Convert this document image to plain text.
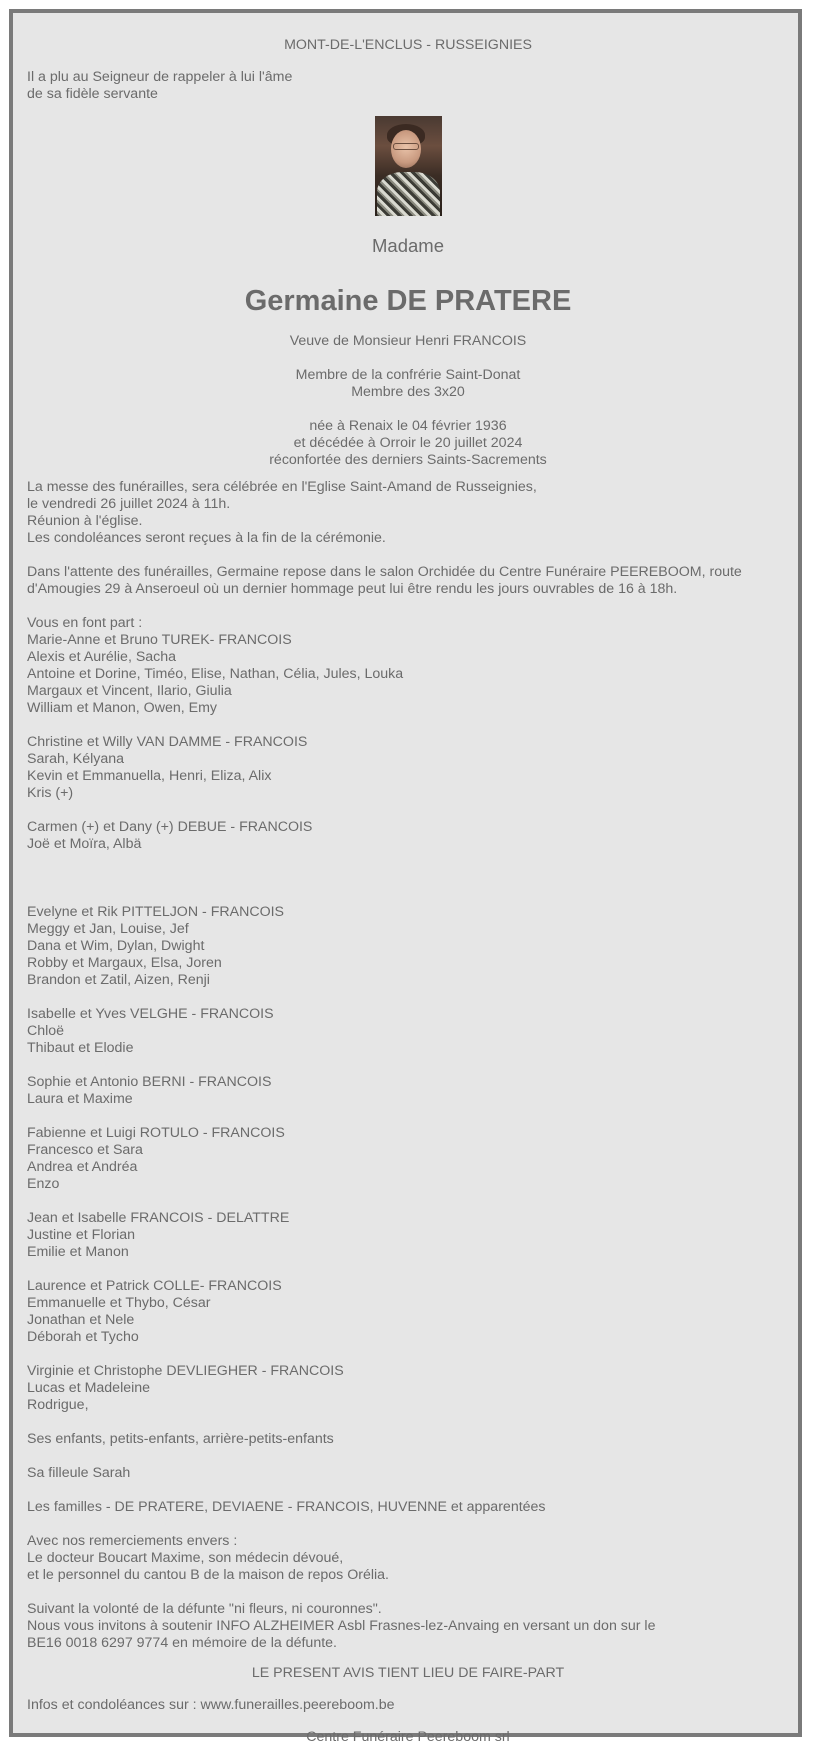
MONT-DE-L'ENCLUS - RUSSEIGNIES
Il a plu au Seigneur de rappeler à lui l'âme
de sa fidèle servante
Madame
Germaine DE PRATERE
Veuve de Monsieur Henri FRANCOIS
Membre de la confrérie Saint-Donat
Membre des 3x20
née à Renaix le 04 février 1936
et décédée à Orroir le 20 juillet 2024
réconfortée des derniers Saints-Sacrements
La messe des funérailles, sera célébrée en l'Eglise Saint-Amand de Russeignies,
le vendredi 26 juillet 2024 à 11h.
Réunion à l'église.
Les condoléances seront reçues à la fin de la cérémonie.
Dans l'attente des funérailles, Germaine repose dans le salon Orchidée du Centre Funéraire PEEREBOOM, route
d'Amougies 29 à Anseroeul où un dernier hommage peut lui être rendu les jours ouvrables de 16 à 18h.
Vous en font part :
Marie-Anne et Bruno TUREK- FRANCOIS
Alexis et Aurélie, Sacha
Antoine et Dorine, Timéo, Elise, Nathan, Célia, Jules, Louka
Margaux et Vincent, Ilario, Giulia
William et Manon, Owen, Emy
Christine et Willy VAN DAMME - FRANCOIS
Sarah, Kélyana
Kevin et Emmanuella, Henri, Eliza, Alix
Kris (+)
Carmen (+) et Dany (+) DEBUE - FRANCOIS
Joë et Moïra, Albä
Evelyne et Rik PITTELJON - FRANCOIS
Meggy et Jan, Louise, Jef
Dana et Wim, Dylan, Dwight
Robby et Margaux, Elsa, Joren
Brandon et Zatil, Aizen, Renji
Isabelle et Yves VELGHE - FRANCOIS
Chloë
Thibaut et Elodie
Sophie et Antonio BERNI - FRANCOIS
Laura et Maxime
Fabienne et Luigi ROTULO - FRANCOIS
Francesco et Sara
Andrea et Andréa
Enzo
Jean et Isabelle FRANCOIS - DELATTRE
Justine et Florian
Emilie et Manon
Laurence et Patrick COLLE- FRANCOIS
Emmanuelle et Thybo, César
Jonathan et Nele
Déborah et Tycho
Virginie et Christophe DEVLIEGHER - FRANCOIS
Lucas et Madeleine
Rodrigue,
Ses enfants, petits-enfants, arrière-petits-enfants
Sa filleule Sarah
Les familles - DE PRATERE, DEVIAENE - FRANCOIS, HUVENNE et apparentées
Avec nos remerciements envers :
Le docteur Boucart Maxime, son médecin dévoué,
et le personnel du cantou B de la maison de repos Orélia.
Suivant la volonté de la défunte "ni fleurs, ni couronnes".
Nous vous invitons à soutenir INFO ALZHEIMER Asbl Frasnes-lez-Anvaing en versant un don sur le
BE16 0018 6297 9774 en mémoire de la défunte.
LE PRESENT AVIS TIENT LIEU DE FAIRE-PART
Infos et condoléances sur : www.funerailles.peereboom.be
Centre Funéraire Peereboom srl
